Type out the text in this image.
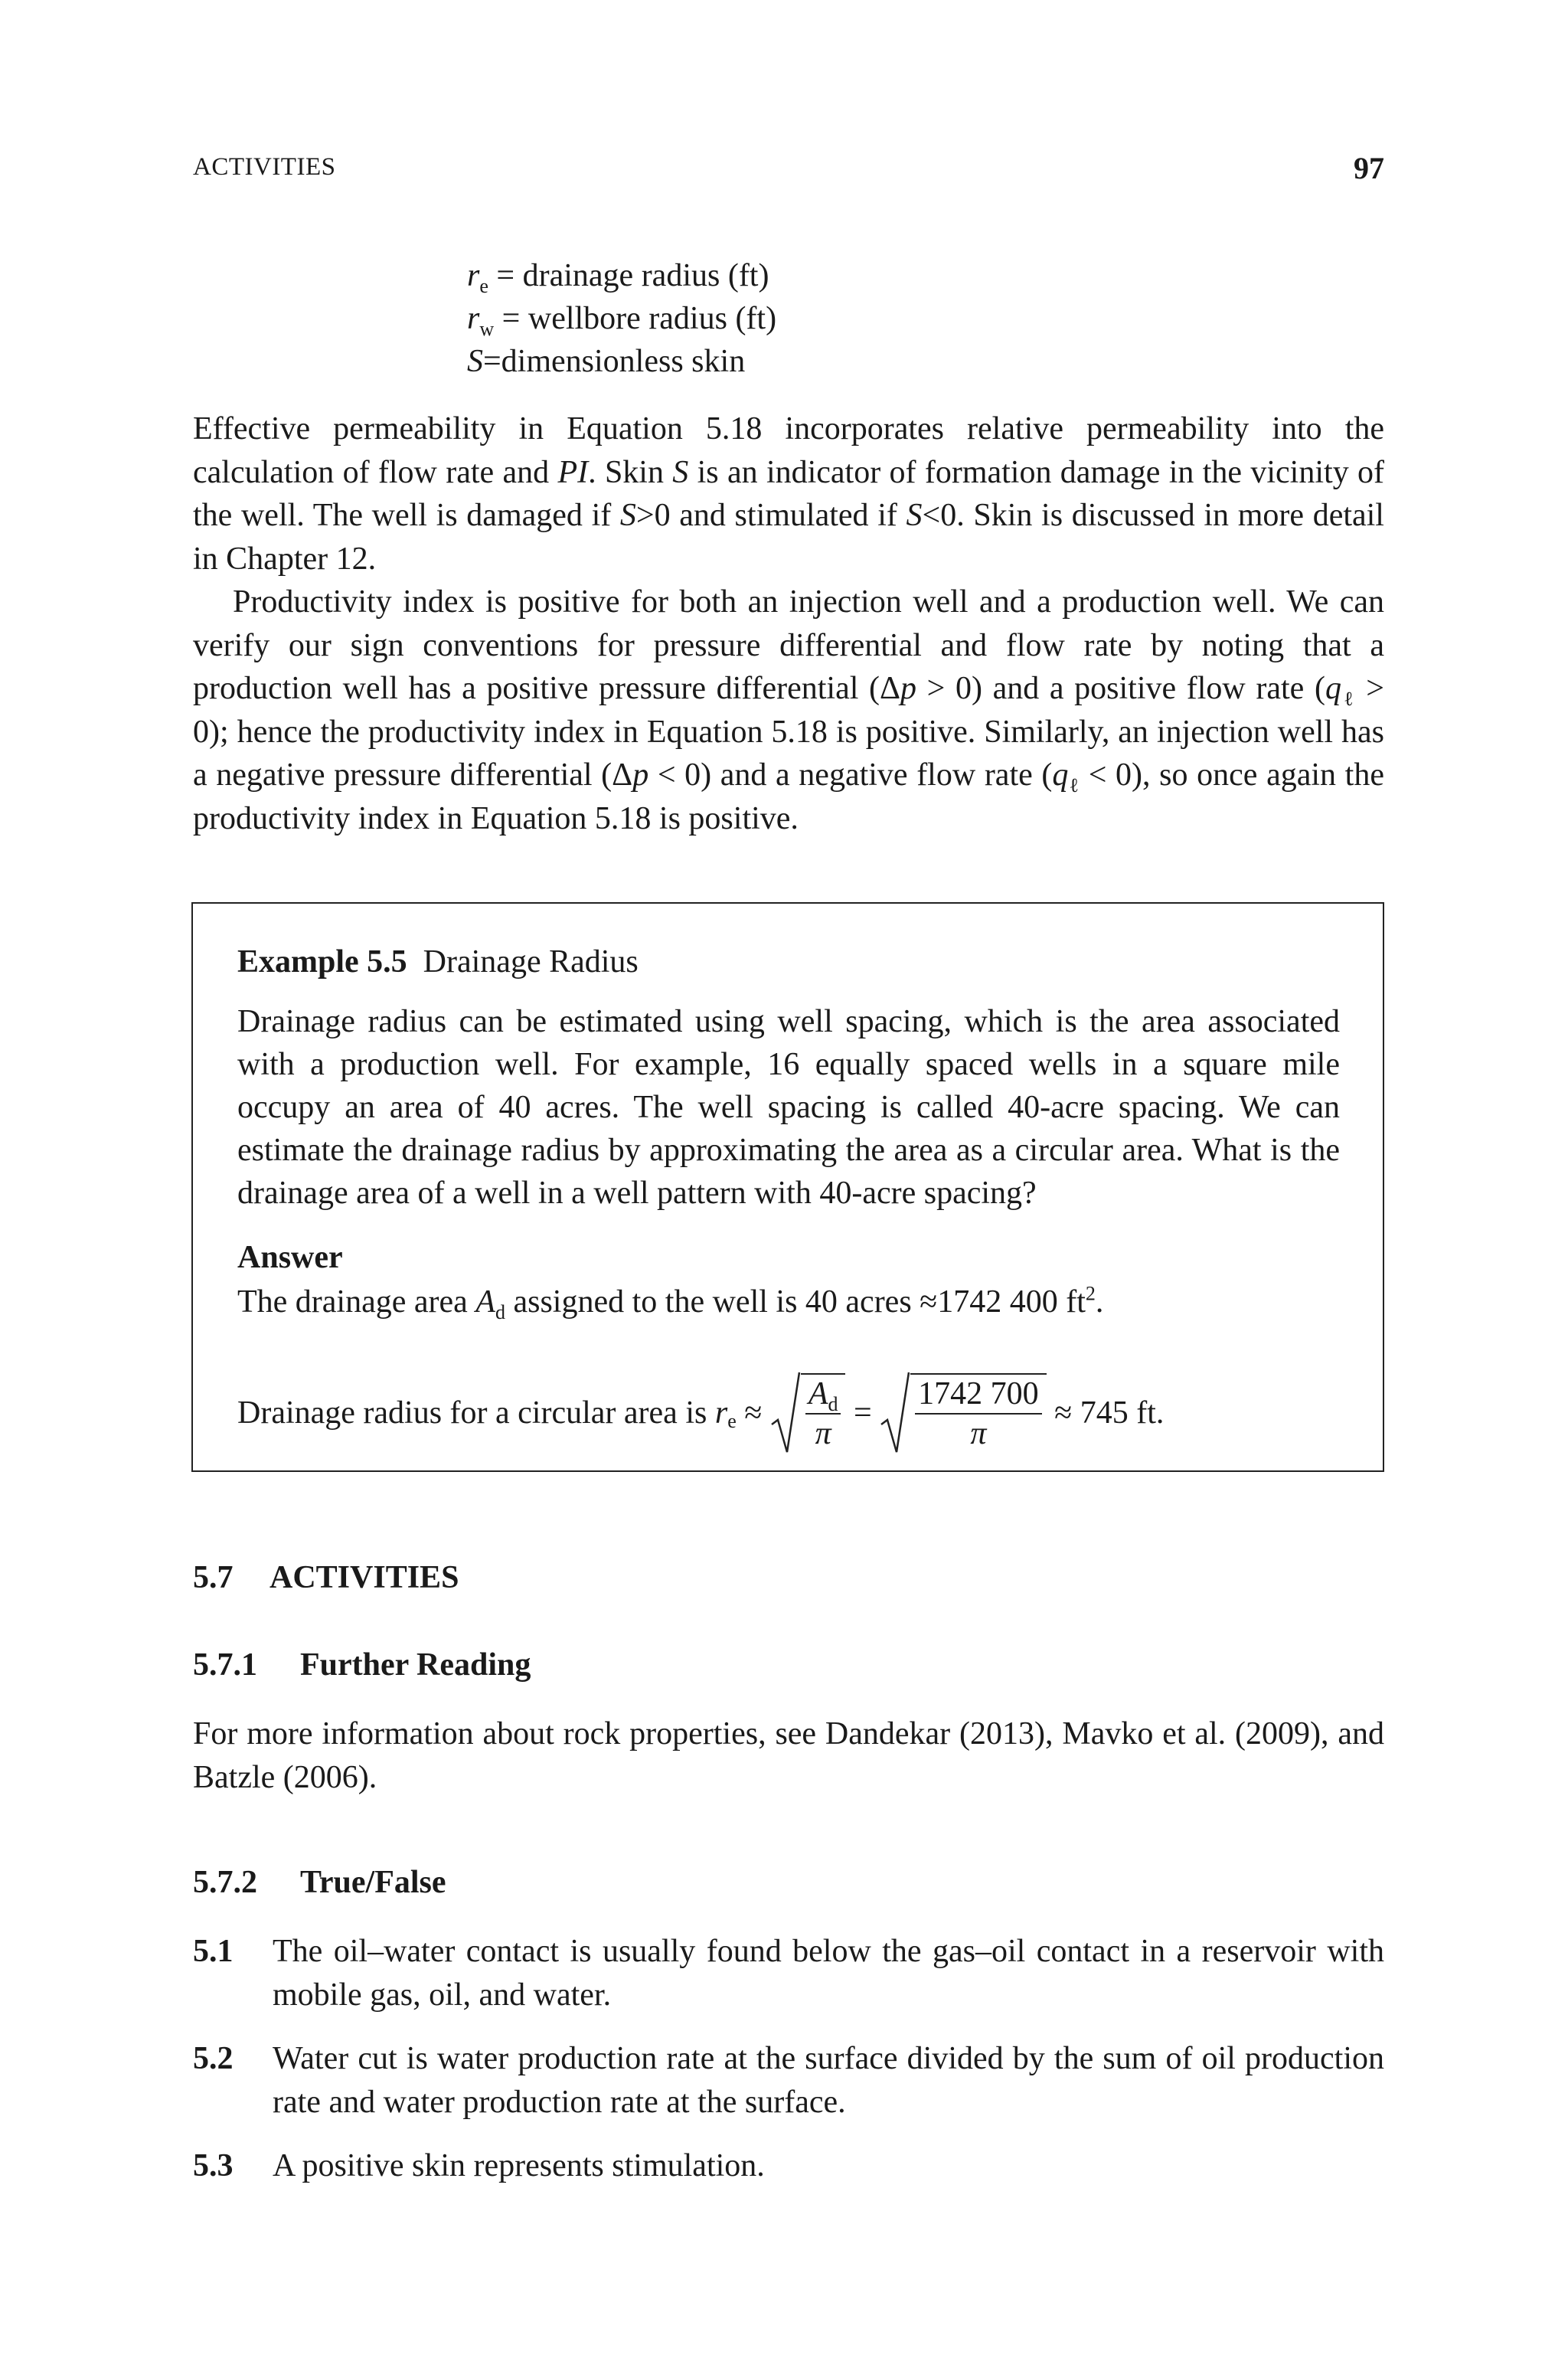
ACTIVITIES	97
$r_e$ = drainage radius (ft)
$r_w$ = wellbore radius (ft)
S=dimensionless skin
Effective permeability in Equation 5.18 incorporates relative permeability into the calculation of flow rate and PI. Skin S is an indicator of formation damage in the vicinity of the well. The well is damaged if S>0 and stimulated if S<0. Skin is discussed in more detail in Chapter 12.
Productivity index is positive for both an injection well and a production well. We can verify our sign conventions for pressure differential and flow rate by noting that a production well has a positive pressure differential (Δp > 0) and a positive flow rate $(q_\ell > 0)$; hence the productivity index in Equation 5.18 is positive. Similarly, an injection well has a negative pressure differential (Δp < 0) and a negative flow rate $(q_\ell < 0)$, so once again the productivity index in Equation 5.18 is positive.

Example 5.5 Drainage Radius

Drainage radius can be estimated using well spacing, which is the area associated with a production well. For example, 16 equally spaced wells in a square mile occupy an area of 40 acres. The well spacing is called 40-acre spacing. We can estimate the drainage radius by approximating the area as a circular area. What is the drainage area of a well in a well pattern with 40-acre spacing?

Answer

The drainage area $A_d$ assigned to the well is 40 acres ≈1742 400 $ft^2$.

Drainage radius for a circular area is $r_e \approx \frac{A_d}{\pi} = \frac{1742 700}{\pi} \approx 745$ ft.
5.7 ACTIVITIES
5.7.1 Further Reading
For more information about rock properties, see Dandekar (2013), Mavko et al. (2009), and Batzle (2006).
5.7.2 True/False
5.1	The oil–water contact is usually found below the gas–oil contact in a reservoir with mobile gas, oil, and water.
5.2	Water cut is water production rate at the surface divided by the sum of oil production rate and water production rate at the surface.
5.3	A positive skin represents stimulation.
